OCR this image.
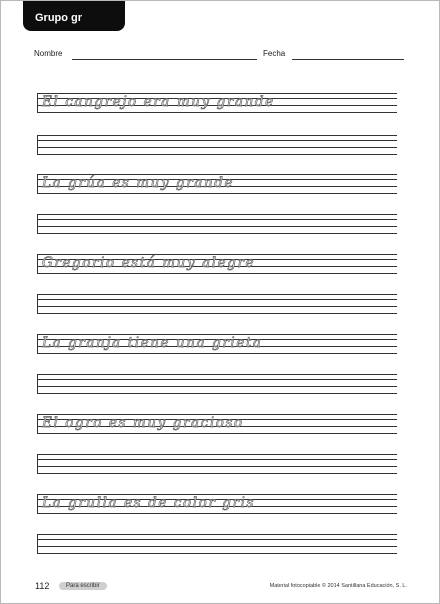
Grupo gr
Nombre	Fecha
El cangrejo era muy grande
La grúa es muy grande
Gregorio está muy alegre
La granja tiene una grieta
El ogro es muy gracioso
La grulla es de color gris
112	Para escribir	Material fotocopiable © 2014 Santillana Educación, S. L.
